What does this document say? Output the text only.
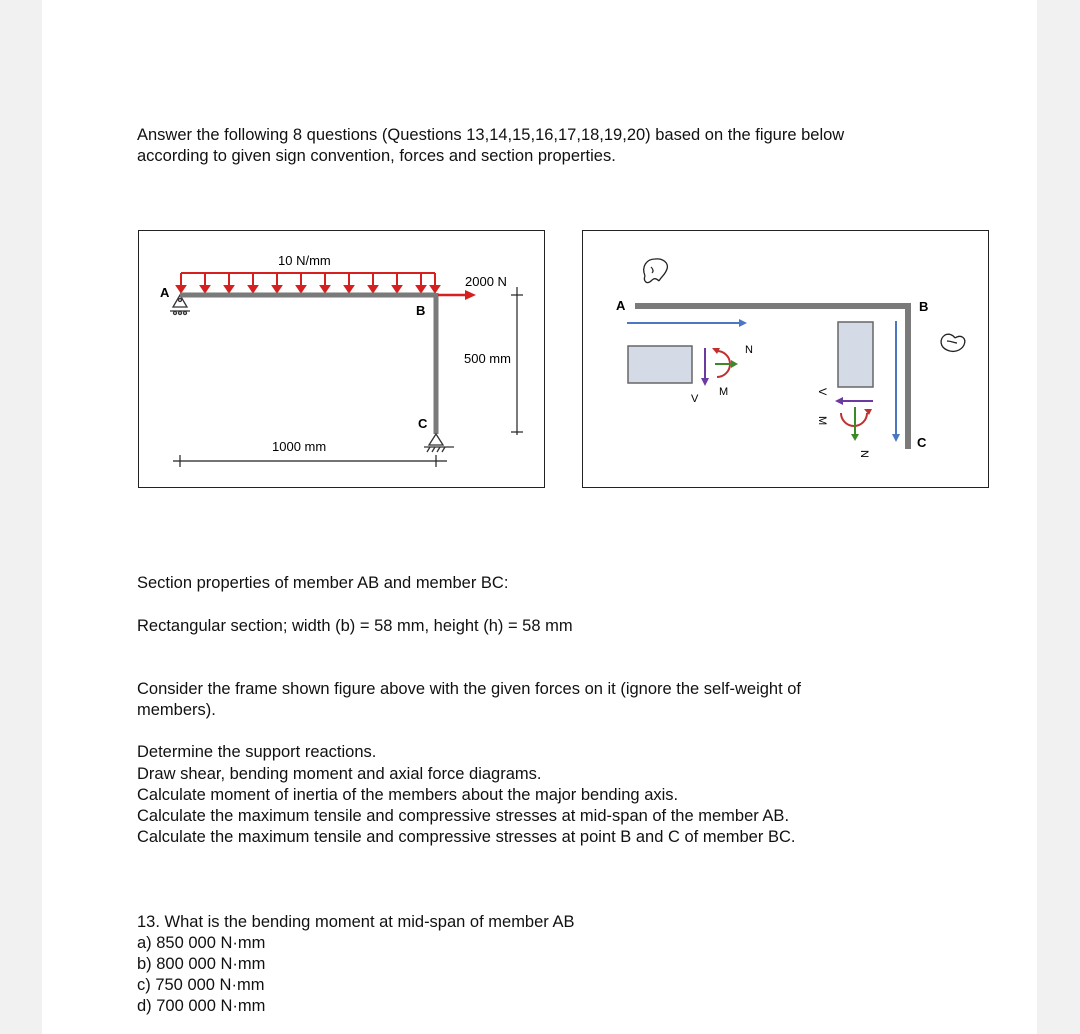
Answer the following 8 questions (Questions 13,14,15,16,17,18,19,20) based on the figure below
according to given sign convention, forces and section properties.
10 N/mm
A
B
2000 N
500 mm
C
1000 mm
A	B
C
N
V
M	V
M
N
Section properties of member AB and member BC:
Rectangular section; width (b) = 58 mm, height (h) = 58 mm
Consider the frame shown figure above with the given forces on it (ignore the self-weight of
members).
Determine the support reactions.
Draw shear, bending moment and axial force diagrams.
Calculate moment of inertia of the members about the major bending axis.
Calculate the maximum tensile and compressive stresses at mid-span of the member AB.
Calculate the maximum tensile and compressive stresses at point B and C of member BC.
13. What is the bending moment at mid-span of member AB
a) 850 000 N·mm
b) 800 000 N·mm
c) 750 000 N·mm
d) 700 000 N·mm
